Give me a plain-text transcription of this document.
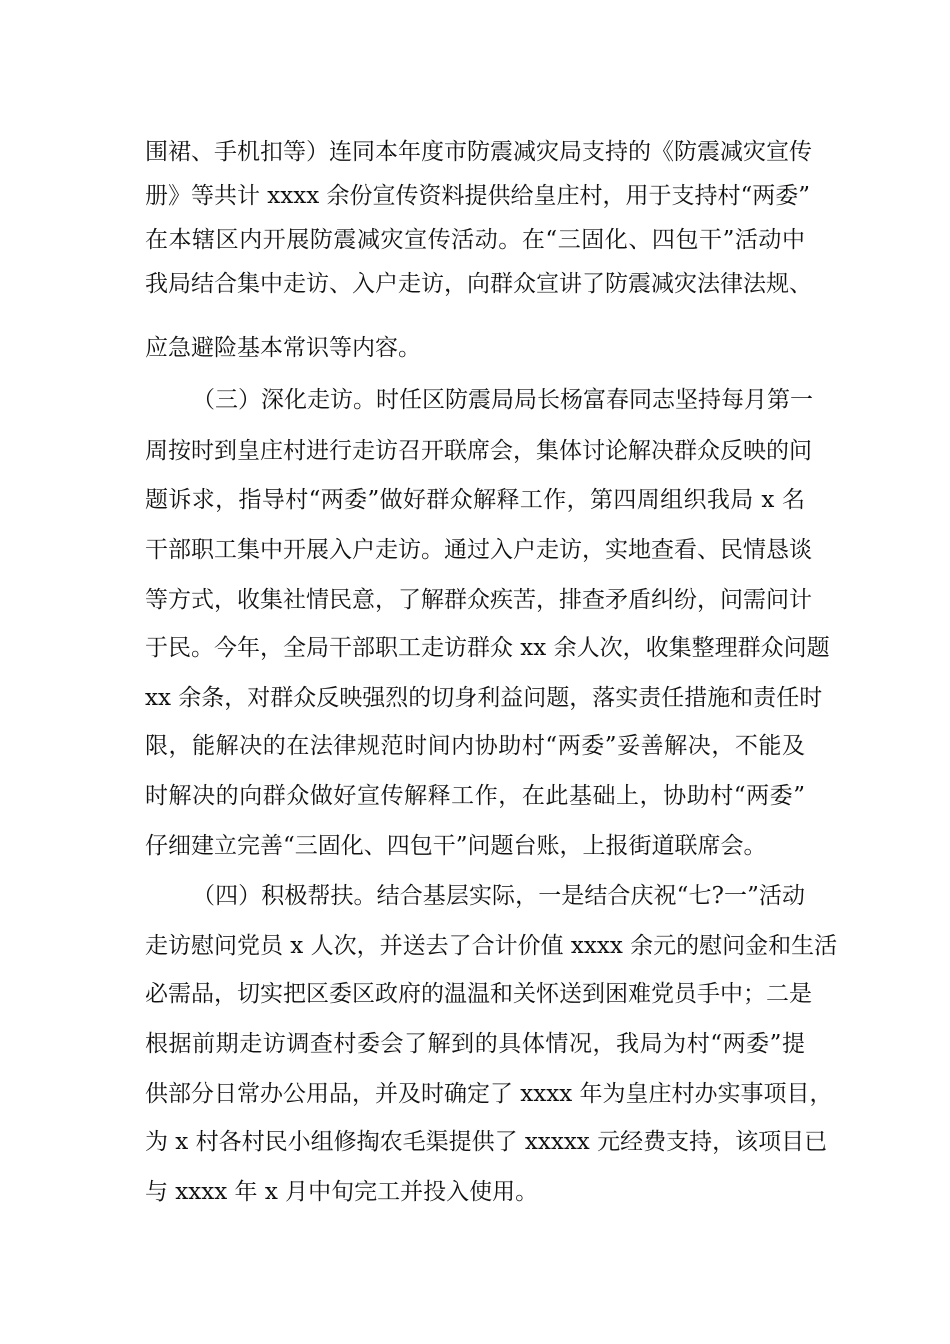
围裙、手机扣等）连同本年度市防震减灾局支持的《防震减灾宣传
册》等共计 xxxx 余份宣传资料提供给皇庄村，用于支持村“两委”
在本辖区内开展防震减灾宣传活动。在“三固化、四包干”活动中
我局结合集中走访、入户走访，向群众宣讲了防震减灾法律法规、
应急避险基本常识等内容。
（三）深化走访。时任区防震局局长杨富春同志坚持每月第一
周按时到皇庄村进行走访召开联席会，集体讨论解决群众反映的问
题诉求，指导村“两委”做好群众解释工作，第四周组织我局 x 名
干部职工集中开展入户走访。通过入户走访，实地查看、民情恳谈
等方式，收集社情民意，了解群众疾苦，排查矛盾纠纷，问需问计
于民。今年，全局干部职工走访群众 xx 余人次，收集整理群众问题
xx 余条，对群众反映强烈的切身利益问题，落实责任措施和责任时
限，能解决的在法律规范时间内协助村“两委”妥善解决，不能及
时解决的向群众做好宣传解释工作，在此基础上，协助村“两委”
仔细建立完善“三固化、四包干”问题台账，上报街道联席会。
（四）积极帮扶。结合基层实际，一是结合庆祝“七?一”活动
走访慰问党员 x 人次，并送去了合计价值 xxxx 余元的慰问金和生活
必需品，切实把区委区政府的温温和关怀送到困难党员手中；二是
根据前期走访调查村委会了解到的具体情况，我局为村“两委”提
供部分日常办公用品，并及时确定了 xxxx 年为皇庄村办实事项目，
为 x 村各村民小组修掏农毛渠提供了 xxxxx 元经费支持，该项目已
与 xxxx 年 x 月中旬完工并投入使用。
